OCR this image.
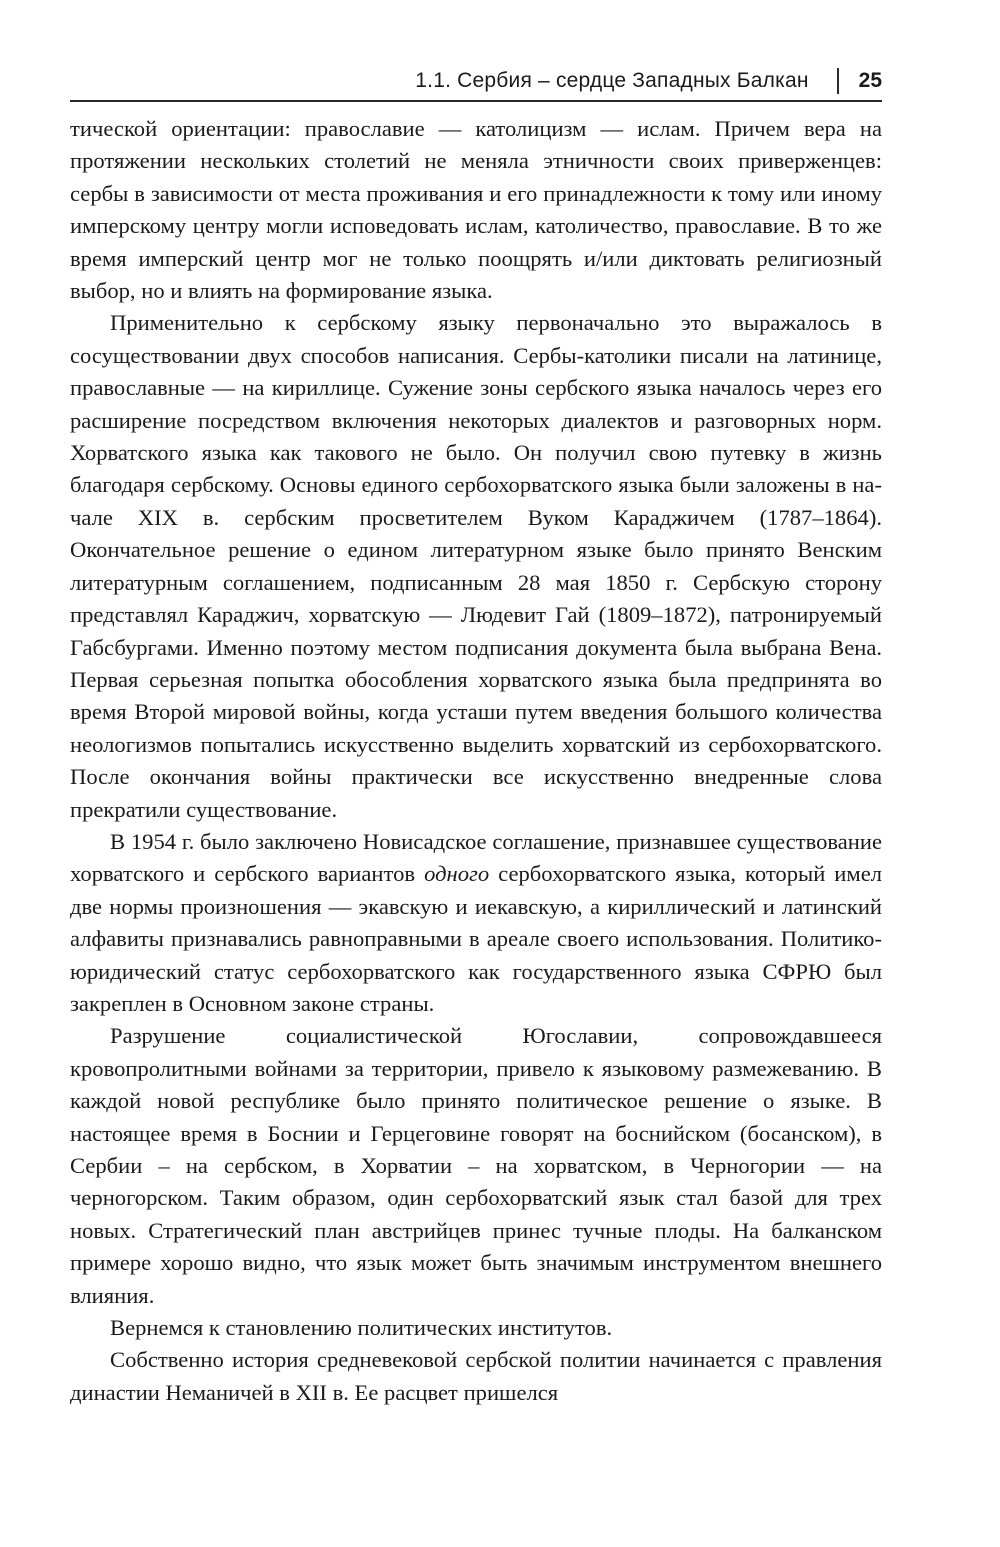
1.1. Сербия – сердце Западных Балкан 25

тической ориентации: православие — католицизм — ислам. Причем вера на протяжении нескольких столетий не меняла этничности своих приверженцев: сербы в зависимости от места проживания и его принадлежности к тому или иному имперскому центру могли исповедовать ислам, католичество, православие. В то же время имперский центр мог не только поощрять и/или диктовать религиозный выбор, но и влиять на формирование языка.

Применительно к сербскому языку первоначально это выражалось в сосуществовании двух способов написания. Сербы-католики писали на латинице, православные — на кириллице. Сужение зоны сербского языка началось через его расширение посредством включения некоторых диалектов и разговорных норм. Хорватского языка как такового не было. Он получил свою путевку в жизнь благодаря сербскому. Основы единого сербохорватского языка были заложены в начале XIX в. сербским просветителем Вуком Караджичем (1787–1864). Окончательное решение о едином литературном языке было принято Венским литературным соглашением, подписанным 28 мая 1850 г. Сербскую сторону представлял Караджич, хорватскую — Людевит Гай (1809–1872), патронируемый Габсбургами. Именно поэтому местом подписания документа была выбрана Вена. Первая серьезная попытка обособления хорватского языка была предпринята во время Второй мировой войны, когда усташи путем введения большого количества неологизмов попытались искусственно выделить хорватский из сербохорватского. После окончания войны практически все искусственно внедренные слова прекратили существование.

В 1954 г. было заключено Новисадское соглашение, признавшее существование хорватского и сербского вариантов одного сербохорватского языка, который имел две нормы произношения — экавскую и иекавскую, а кириллический и латинский алфавиты признавались равноправными в ареале своего использования. Политико-юридический статус сербохорватского как государственного языка СФРЮ был закреплен в Основном законе страны.

Разрушение социалистической Югославии, сопровождавшееся кровопролитными войнами за территории, привело к языковому размежеванию. В каждой новой республике было принято политическое решение о языке. В настоящее время в Боснии и Герцеговине говорят на боснийском (босанском), в Сербии – на сербском, в Хорватии – на хорватском, в Черногории — на черногорском. Таким образом, один сербохорватский язык стал базой для трех новых. Стратегический план австрийцев принес тучные плоды. На балканском примере хорошо видно, что язык может быть значимым инструментом внешнего влияния.

Вернемся к становлению политических институтов.

Собственно история средневековой сербской политии начинается с правления династии Неманичей в XII в. Ее расцвет пришелся
